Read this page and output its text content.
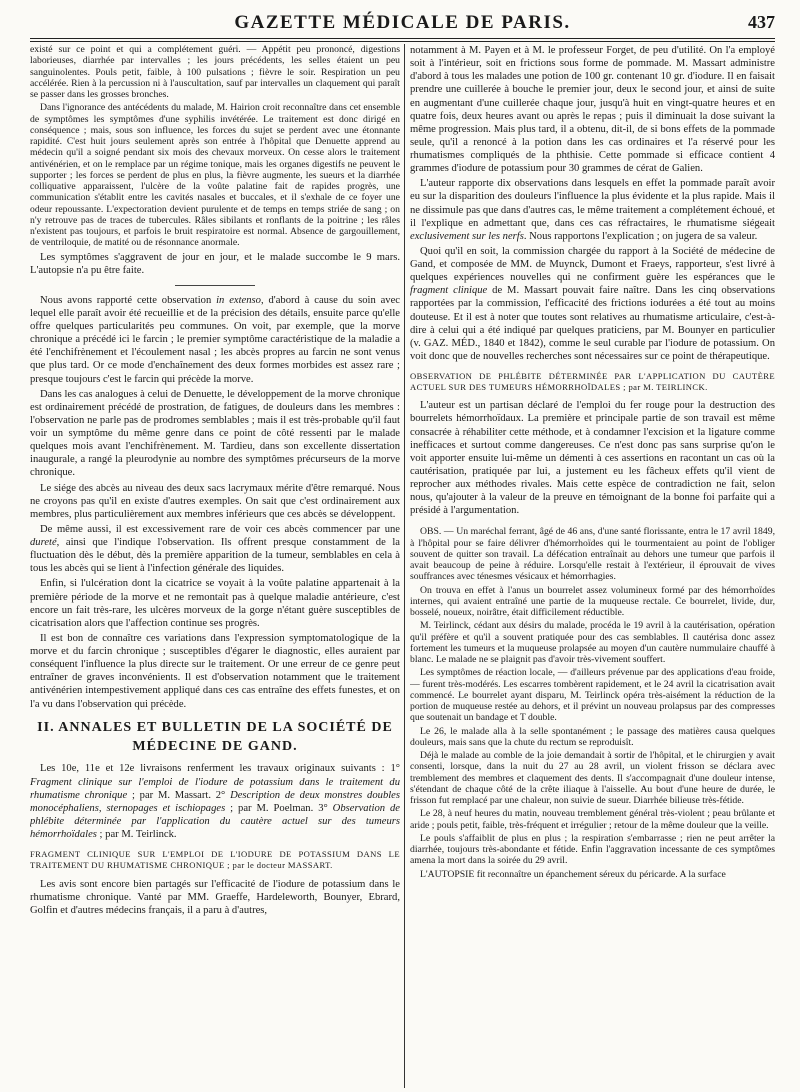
GAZETTE MÉDICALE DE PARIS.	437

existé sur ce point et qui a complétement guéri. — Appétit peu prononcé, digestions laborieuses, diarrhée par intervalles ; les jours précédents, les selles étaient un peu sanguinolentes. Pouls petit, faible, à 100 pulsations ; fièvre le soir. Respiration un peu accélérée. Rien à la percussion ni à l'auscultation, sauf par intervalles un claquement qui paraît se passer dans les grosses bronches.

Dans l'ignorance des antécédents du malade, M. Hairion croit reconnaître dans cet ensemble de symptômes les symptômes d'une syphilis invétérée. Le traitement est donc dirigé en conséquence ; mais, sous son influence, les forces du sujet se perdent avec une étonnante rapidité. C'est huit jours seulement après son entrée à l'hôpital que Denuette apprend au médecin qu'il a soigné pendant six mois des chevaux morveux. On cesse alors le traitement antivénérien, et on le remplace par un régime tonique, mais les organes digestifs ne peuvent le supporter ; les forces se perdent de plus en plus, la fièvre augmente, les sueurs et la diarrhée colliquative apparaissent, l'ulcère de la voûte palatine fait de rapides progrès, une communication s'établit entre les cavités nasales et buccales, et il s'exhale de ce foyer une odeur repoussante. L'expectoration devient purulente et de temps en temps striée de sang ; on n'y retrouve pas de traces de tubercules. Râles sibilants et ronflants de la poitrine ; les râles n'existent pas toujours, et parfois le bruit respiratoire est normal. Absence de gargouillement, de ventriloquie, de matité ou de résonnance anormale.

Les symptômes s'aggravent de jour en jour, et le malade succombe le 9 mars. L'autopsie n'a pu être faite.

Nous avons rapporté cette observation in extenso, d'abord à cause du soin avec lequel elle paraît avoir été recueillie et de la précision des détails, ensuite parce qu'elle offre quelques particularités peu communes. On voit, par exemple, que la morve chronique a précédé ici le farcin ; le premier symptôme caractéristique de la maladie a été l'enchifrènement et l'écoulement nasal ; les abcès propres au farcin ne sont venus que plus tard. Or ce mode d'enchaînement des deux formes morbides est assez rare ; presque toujours c'est le farcin qui précède la morve.

Dans les cas analogues à celui de Denuette, le développement de la morve chronique est ordinairement précédé de prostration, de fatigues, de douleurs dans les membres : l'observation ne parle pas de prodromes semblables ; mais il est très-probable qu'il faut voir un symptôme du même genre dans ce point de côté ressenti par le malade quelques mois avant l'enchifrènement. M. Tardieu, dans son excellente dissertation inaugurale, a rangé la pleurodynie au nombre des symptômes précurseurs de la morve chronique.

Le siége des abcès au niveau des deux sacs lacrymaux mérite d'être remarqué. Nous ne croyons pas qu'il en existe d'autres exemples. On sait que c'est ordinairement aux membres, plus particulièrement aux membres inférieurs que ces abcès se développent.

De même aussi, il est excessivement rare de voir ces abcès commencer par une dureté, ainsi que l'indique l'observation. Ils offrent presque constamment de la fluctuation dès le début, dès la première apparition de la tumeur, semblables en cela à tous les abcès qui se lient à l'infection générale des liquides.

Enfin, si l'ulcération dont la cicatrice se voyait à la voûte palatine appartenait à la première période de la morve et ne remontait pas à quelque maladie antérieure, c'est encore un fait très-rare, les ulcères morveux de la gorge n'étant guère susceptibles de cicatrisation alors que l'affection continue ses progrès.

Il est bon de connaître ces variations dans l'expression symptomatologique de la morve et du farcin chronique ; susceptibles d'égarer le diagnostic, elles auraient par conséquent l'influence la plus directe sur le traitement. Or une erreur de ce genre peut entraîner de graves inconvénients. Il est d'observation notamment que le traitement antivénérien intempestivement appliqué dans ces cas entraîne des effets funestes, et on l'a vu dans l'observation qui précède.

II. ANNALES ET BULLETIN DE LA SOCIÉTÉ DE
MÉDECINE DE GAND.

Les 10e, 11e et 12e livraisons renferment les travaux originaux suivants : 1° Fragment clinique sur l'emploi de l'iodure de potassium dans le traitement du rhumatisme chronique ; par M. Massart. 2° Description de deux monstres doubles monocéphaliens, sternopages et ischiopages ; par M. Poelman. 3° Observation de phlébite déterminée par l'application du cautère actuel sur des tumeurs hémorrhoïdales ; par M. Teirlinck.

FRAGMENT CLINIQUE SUR L'EMPLOI DE L'IODURE DE POTASSIUM DANS LE TRAITEMENT DU RHUMATISME CHRONIQUE ; par le docteur MASSART.

Les avis sont encore bien partagés sur l'efficacité de l'iodure de potassium dans le rhumatisme chronique. Vanté par MM. Graeffe, Hardeleworth, Bounyer, Ebrard, Golfin et d'autres médecins français, il a paru à d'autres,

notamment à M. Payen et à M. le professeur Forget, de peu d'utilité. On l'a employé soit à l'intérieur, soit en frictions sous forme de pommade. M. Massart administre d'abord à tous les malades une potion de 100 gr. contenant 10 gr. d'iodure. Il en faisait prendre une cuillerée à bouche le premier jour, deux le second jour, et ainsi de suite en augmentant d'une cuillerée chaque jour, jusqu'à huit en vingt-quatre heures et en quatre fois, deux heures avant ou après le repas ; puis il diminuait la dose suivant la même progression. Mais plus tard, il a obtenu, dit-il, de si bons effets de la pommade seule, qu'il a renoncé à la potion dans les cas ordinaires et l'a réservé pour les rhumatismes compliqués de la phthisie. Cette pommade si efficace contient 4 grammes d'iodure de potassium pour 30 grammes de cérat de Galien.

L'auteur rapporte dix observations dans lesquels en effet la pommade paraît avoir eu sur la disparition des douleurs l'influence la plus évidente et la plus rapide. Mais il ne dissimule pas que dans d'autres cas, le même traitement a complétement échoué, et il l'explique en admettant que, dans ces cas réfractaires, le rhumatisme siégeait exclusivement sur les nerfs. Nous rapportons l'explication ; on jugera de sa valeur.

Quoi qu'il en soit, la commission chargée du rapport à la Société de médecine de Gand, et composée de MM. de Muynck, Dumont et Fraeys, rapporteur, s'est livré à quelques expériences nouvelles qui ne confirment guère les espérances que le fragment clinique de M. Massart pouvait faire naître. Dans les cinq observations rapportées par la commission, l'efficacité des frictions iodurées a été tout au moins douteuse. Et il est à noter que toutes sont relatives au rhumatisme articulaire, c'est-à-dire à celui qui a été indiqué par quelques praticiens, par M. Bounyer en particulier (v. GAZ. MÉD., 1840 et 1842), comme le seul curable par l'iodure de potassium. On voit donc que de nouvelles recherches sont nécessaires sur ce point de thérapeutique.

OBSERVATION DE PHLÉBITE DÉTERMINÉE PAR L'APPLICATION DU CAUTÈRE ACTUEL SUR DES TUMEURS HÉMORRHOÏDALES ; par M. TEIRLINCK.

L'auteur est un partisan déclaré de l'emploi du fer rouge pour la destruction des bourrelets hémorrhoïdaux. La première et principale partie de son travail est même consacrée à réhabiliter cette méthode, et à condamner l'excision et la ligature comme inefficaces et surtout comme dangereuses. Ce n'est donc pas sans surprise qu'on le voit apporter ensuite lui-même un démenti à ces assertions en racontant un cas où la cautérisation, pratiquée par lui, a justement eu les fâcheux effets qu'il vient de reprocher aux méthodes rivales. Mais cette espèce de contradiction ne fait, selon nous, qu'ajouter à la valeur de la preuve en témoignant de la bonne foi parfaite qui a présidé à l'argumentation.

OBS. — Un maréchal ferrant, âgé de 46 ans, d'une santé florissante, entra le 17 avril 1849, à l'hôpital pour se faire délivrer d'hémorrhoïdes qui le tourmentaient au point de l'obliger souvent de quitter son travail. La défécation entraînait au dehors une tumeur que parfois il avait beaucoup de peine à réduire. Lorsqu'elle restait à l'extérieur, il éprouvait de vives souffrances avec ténesmes vésicaux et hémorrhagies.

On trouva en effet à l'anus un bourrelet assez volumineux formé par des hémorrhoïdes internes, qui avaient entraîné une partie de la muqueuse rectale. Ce bourrelet, livide, dur, bosselé, noueux, noirâtre, était difficilement réductible.

M. Teirlinck, cédant aux désirs du malade, procéda le 19 avril à la cautérisation, opération qu'il préfère et qu'il a souvent pratiquée pour des cas semblables. Il cautérisa donc assez fortement les tumeurs et la muqueuse prolapsée au moyen d'un cautère nummulaire chauffé à blanc. Le malade ne se plaignit pas d'avoir très-vivement souffert.

Les symptômes de réaction locale, — d'ailleurs prévenue par des applications d'eau froide, — furent très-modérés. Les escarres tombèrent rapidement, et le 24 avril la cicatrisation avait commencé. Le bourrelet ayant disparu, M. Teirlinck opéra très-aisément la réduction de la portion de muqueuse restée au dehors, et il prévint un nouveau prolapsus par des compresses que soutenait un bandage et T double.

Le 26, le malade alla à la selle spontanément ; le passage des matières causa quelques douleurs, mais sans que la chute du rectum se reproduisît.

Déjà le malade au comble de la joie demandait à sortir de l'hôpital, et le chirurgien y avait consenti, lorsque, dans la nuit du 27 au 28 avril, un violent frisson se déclara avec tremblement des membres et claquement des dents. Il s'accompagnait d'une douleur intense, s'étendant de chaque côté de la crête iliaque à l'aisselle. Au bout d'une heure de durée, le frisson fut remplacé par une chaleur, non suivie de sueur. Diarrhée bilieuse très-fétide.

Le 28, à neuf heures du matin, nouveau tremblement général très-violent ; peau brûlante et aride ; pouls petit, faible, très-fréquent et irrégulier ; retour de la même douleur que la veille.

Le pouls s'affaiblit de plus en plus ; la respiration s'embarrasse ; rien ne peut arrêter la diarrhée, toujours très-abondante et fétide. Enfin l'aggravation incessante de ces symptômes amena la mort dans la soirée du 29 avril.

L'AUTOPSIE fit reconnaître un épanchement séreux du péricarde. A la surface
